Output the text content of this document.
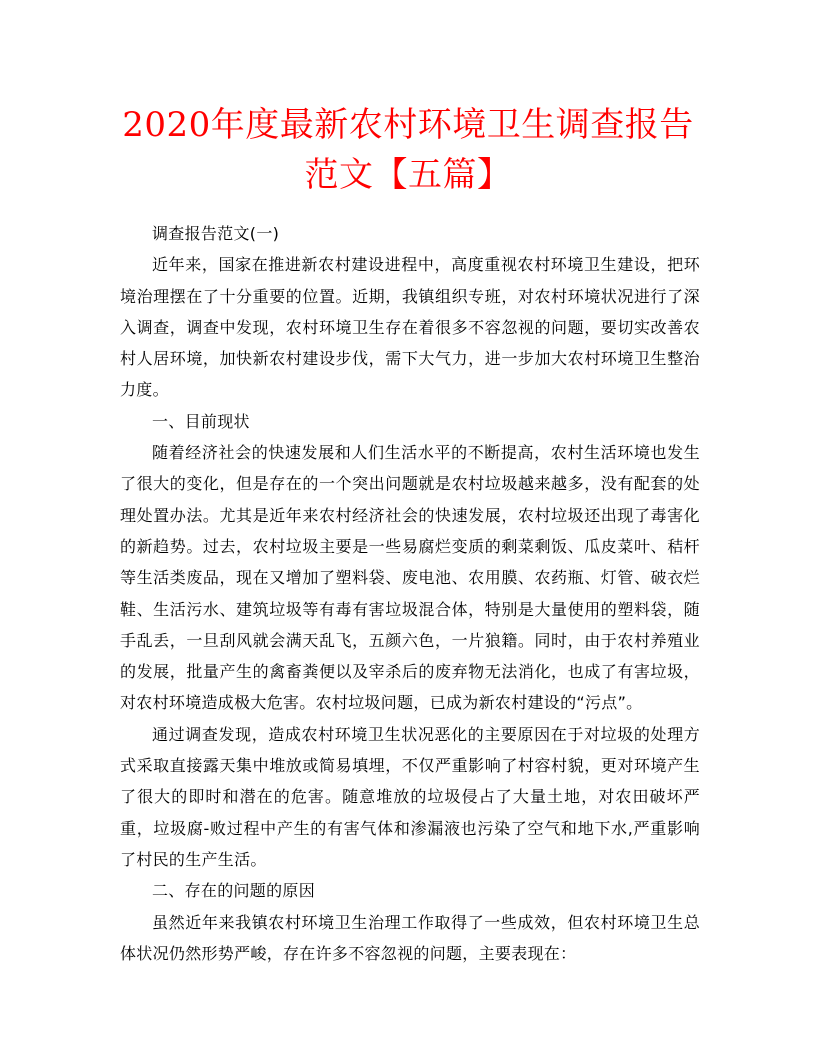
2020年度最新农村环境卫生调查报告范文【五篇】

调查报告范文(一)

近年来，国家在推进新农村建设进程中，高度重视农村环境卫生建设，把环境治理摆在了十分重要的位置。近期，我镇组织专班，对农村环境状况进行了深入调查，调查中发现，农村环境卫生存在着很多不容忽视的问题，要切实改善农村人居环境，加快新农村建设步伐，需下大气力，进一步加大农村环境卫生整治力度。

一、目前现状

随着经济社会的快速发展和人们生活水平的不断提高，农村生活环境也发生了很大的变化，但是存在的一个突出问题就是农村垃圾越来越多，没有配套的处理处置办法。尤其是近年来农村经济社会的快速发展，农村垃圾还出现了毒害化的新趋势。过去，农村垃圾主要是一些易腐烂变质的剩菜剩饭、瓜皮菜叶、秸杆等生活类废品，现在又增加了塑料袋、废电池、农用膜、农药瓶、灯管、破衣烂鞋、生活污水、建筑垃圾等有毒有害垃圾混合体，特别是大量使用的塑料袋，随手乱丢，一旦刮风就会满天乱飞，五颜六色，一片狼籍。同时，由于农村养殖业的发展，批量产生的禽畜粪便以及宰杀后的废弃物无法消化，也成了有害垃圾，对农村环境造成极大危害。农村垃圾问题，已成为新农村建设的“污点”。

通过调查发现，造成农村环境卫生状况恶化的主要原因在于对垃圾的处理方式采取直接露天集中堆放或简易填埋，不仅严重影响了村容村貌，更对环境产生了很大的即时和潜在的危害。随意堆放的垃圾侵占了大量土地，对农田破坏严重，垃圾腐-败过程中产生的有害气体和渗漏液也污染了空气和地下水,严重影响了村民的生产生活。

二、存在的问题的原因

虽然近年来我镇农村环境卫生治理工作取得了一些成效，但农村环境卫生总体状况仍然形势严峻，存在许多不容忽视的问题，主要表现在：
